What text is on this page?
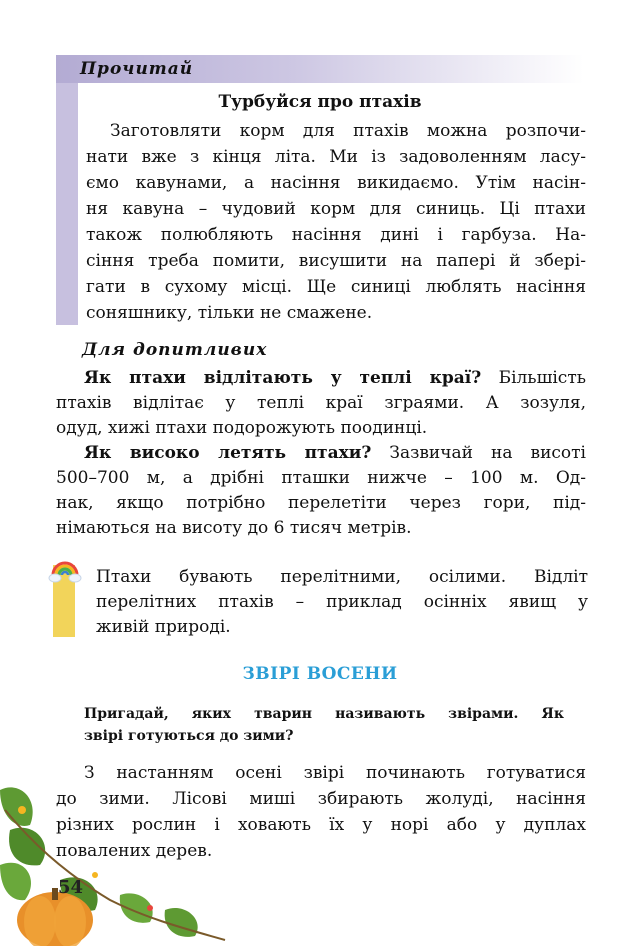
Прочитай
Турбуйся про птахів
Заготовляти корм для птахів можна розпочи-
нати вже з кінця літа. Ми із задоволенням ласу-
ємо кавунами, а насіння викидаємо. Утім насін-
ня кавуна – чудовий корм для синиць. Ці птахи
також полюбляють насіння дині і гарбуза. На-
сіння треба помити, висушити на папері й збері-
гати в сухому місці. Ще синиці люблять насіння
соняшнику, тільки не смажене.
Для допитливих
Як птахи відлітають у теплі краї? Більшість
птахів відлітає у теплі краї зграями. А зозуля,
одуд, хижі птахи подорожують поодинці.
Як високо летять птахи? Зазвичай на висоті
500–700 м, а дрібні пташки нижче – 100 м. Од-
нак, якщо потрібно перелетіти через гори, під-
німаються на висоту до 6 тисяч метрів.
Птахи бувають перелітними, осілими. Відліт
перелітних птахів – приклад осінніх явищ у
живій природі.
ЗВІРІ ВОСЕНИ
Пригадай, яких тварин називають звірами. Як
звірі готуються до зими?
З настанням осені звірі починають готуватися
до зими. Лісові миші збирають жолуді, насіння
різних рослин і ховають їх у норі або у дуплах
повалених дерев.
54
